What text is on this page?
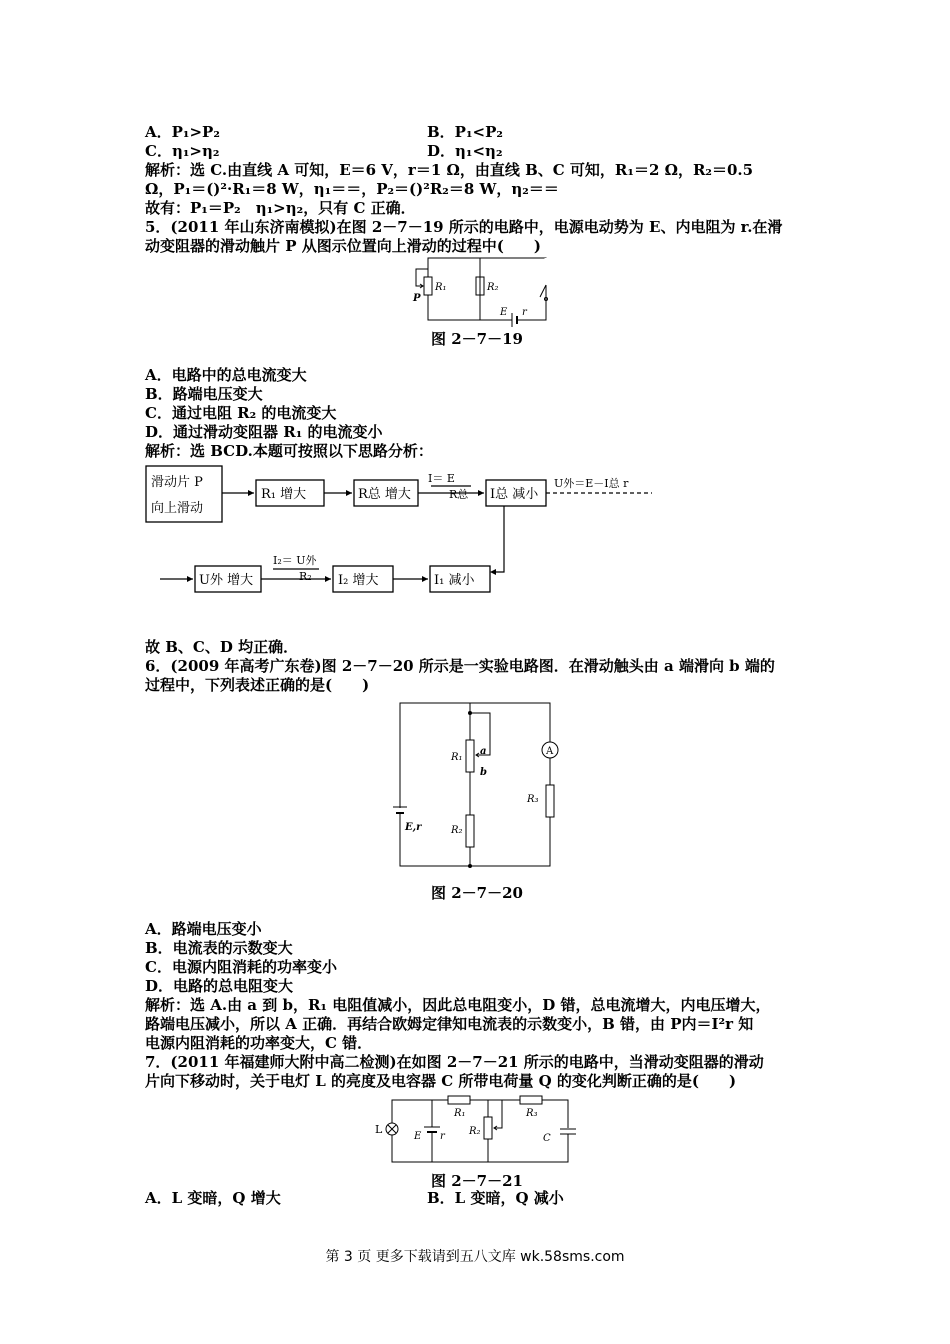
A．P₁>P₂	B．P₁<P₂
C．η₁>η₂	D．η₁<η₂
解析：选 C.由直线 A 可知，E＝6 V，r＝1 Ω，由直线 B、C 可知，R₁＝2 Ω，R₂＝0.5
Ω，P₁＝()²·R₁＝8 W，η₁＝＝，P₂＝()²R₂＝8 W，η₂＝＝
故有：P₁＝P₂　η₁>η₂，只有 C 正确．
5．(2011 年山东济南模拟)在图 2－7－19 所示的电路中，电源电动势为 E、内电阻为 r.在滑
动变阻器的滑动触片 P 从图示位置向上滑动的过程中(　　)
R₁	R₂
P
E r
图 2－7－19
A．电路中的总电流变大
B．路端电压变大
C．通过电阻 R₂ 的电流变大
D．通过滑动变阻器 R₁ 的电流变小
解析：选 BCD.本题可按照以下思路分析：
滑动片 P
向上滑动
R₁ 增大	R总 增大	I总 减小
U外 增大	I₂ 增大	I₁ 减小
I＝ E
R总
U外＝E－I总 r
I₂＝ U外
R₂
故 B、C、D 均正确．
6．(2009 年高考广东卷)图 2－7－20 所示是一实验电路图．在滑动触头由 a 端滑向 b 端的
过程中，下列表述正确的是(　　)
A
R₁
a
b
R₂
R₃
E,r
图 2－7－20
A．路端电压变小
B．电流表的示数变大
C．电源内阻消耗的功率变小
D．电路的总电阻变大
解析：选 A.由 a 到 b，R₁ 电阻值减小，因此总电阻变小，D 错，总电流增大，内电压增大，
路端电压减小，所以 A 正确．再结合欧姆定律知电流表的示数变小，B 错，由 P内＝I²r 知
电源内阻消耗的功率变大，C 错．
7．(2011 年福建师大附中高二检测)在如图 2－7－21 所示的电路中，当滑动变阻器的滑动
片向下移动时，关于电灯 L 的亮度及电容器 C 所带电荷量 Q 的变化判断正确的是(　　)
L
E r
R₁
R₂
R₃
C
图 2－7－21
A．L 变暗，Q 增大	B．L 变暗，Q 减小
第 3 页 更多下载请到五八文库 wk.58sms.com
